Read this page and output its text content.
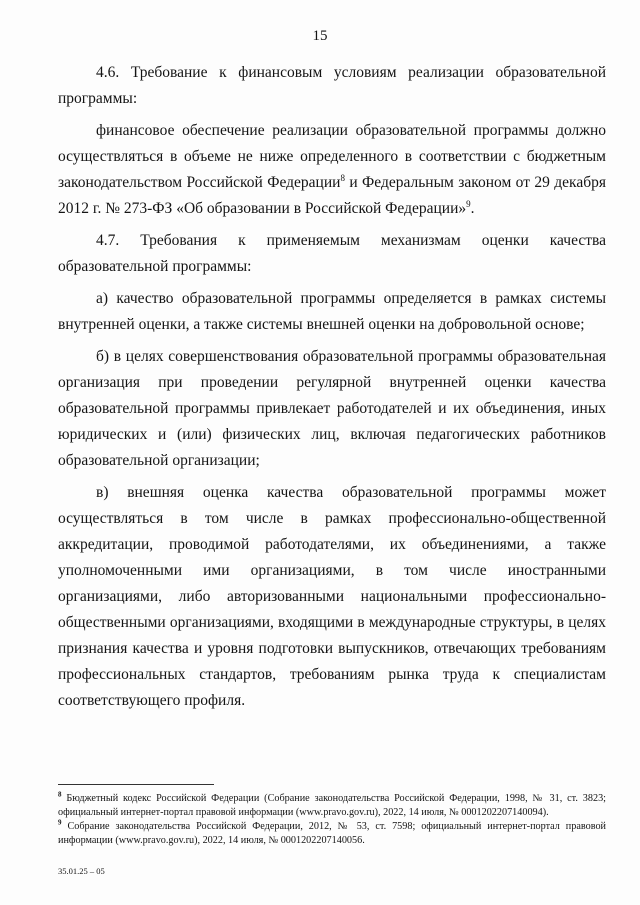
15

4.6. Требование к финансовым условиям реализации образовательной программы:

финансовое обеспечение реализации образовательной программы должно осуществляться в объеме не ниже определенного в соответствии с бюджетным законодательством Российской Федерации$^8$ и Федеральным законом от 29 декабря 2012 г. № 273-ФЗ «Об образовании в Российской Федерации»$^9$.

4.7. Требования к применяемым механизмам оценки качества образовательной программы:

а) качество образовательной программы определяется в рамках системы внутренней оценки, а также системы внешней оценки на добровольной основе;

б) в целях совершенствования образовательной программы образовательная организация при проведении регулярной внутренней оценки качества образовательной программы привлекает работодателей и их объединения, иных юридических и (или) физических лиц, включая педагогических работников образовательной организации;

в) внешняя оценка качества образовательной программы может осуществляться в том числе в рамках профессионально-общественной аккредитации, проводимой работодателями, их объединениями, а также уполномоченными ими организациями, в том числе иностранными организациями, либо авторизованными национальными профессионально-общественными организациями, входящими в международные структуры, в целях признания качества и уровня подготовки выпускников, отвечающих требованиям профессиональных стандартов, требованиям рынка труда к специалистам соответствующего профиля.

$^8$ Бюджетный кодекс Российской Федерации (Собрание законодательства Российской Федерации, 1998, № 31, ст. 3823; официальный интернет-портал правовой информации (www.pravo.gov.ru), 2022, 14 июля, № 0001202207140094).

$^9$ Собрание законодательства Российской Федерации, 2012, № 53, ст. 7598; официальный интернет-портал правовой информации (www.pravo.gov.ru), 2022, 14 июля, № 0001202207140056.

35.01.25 – 05
